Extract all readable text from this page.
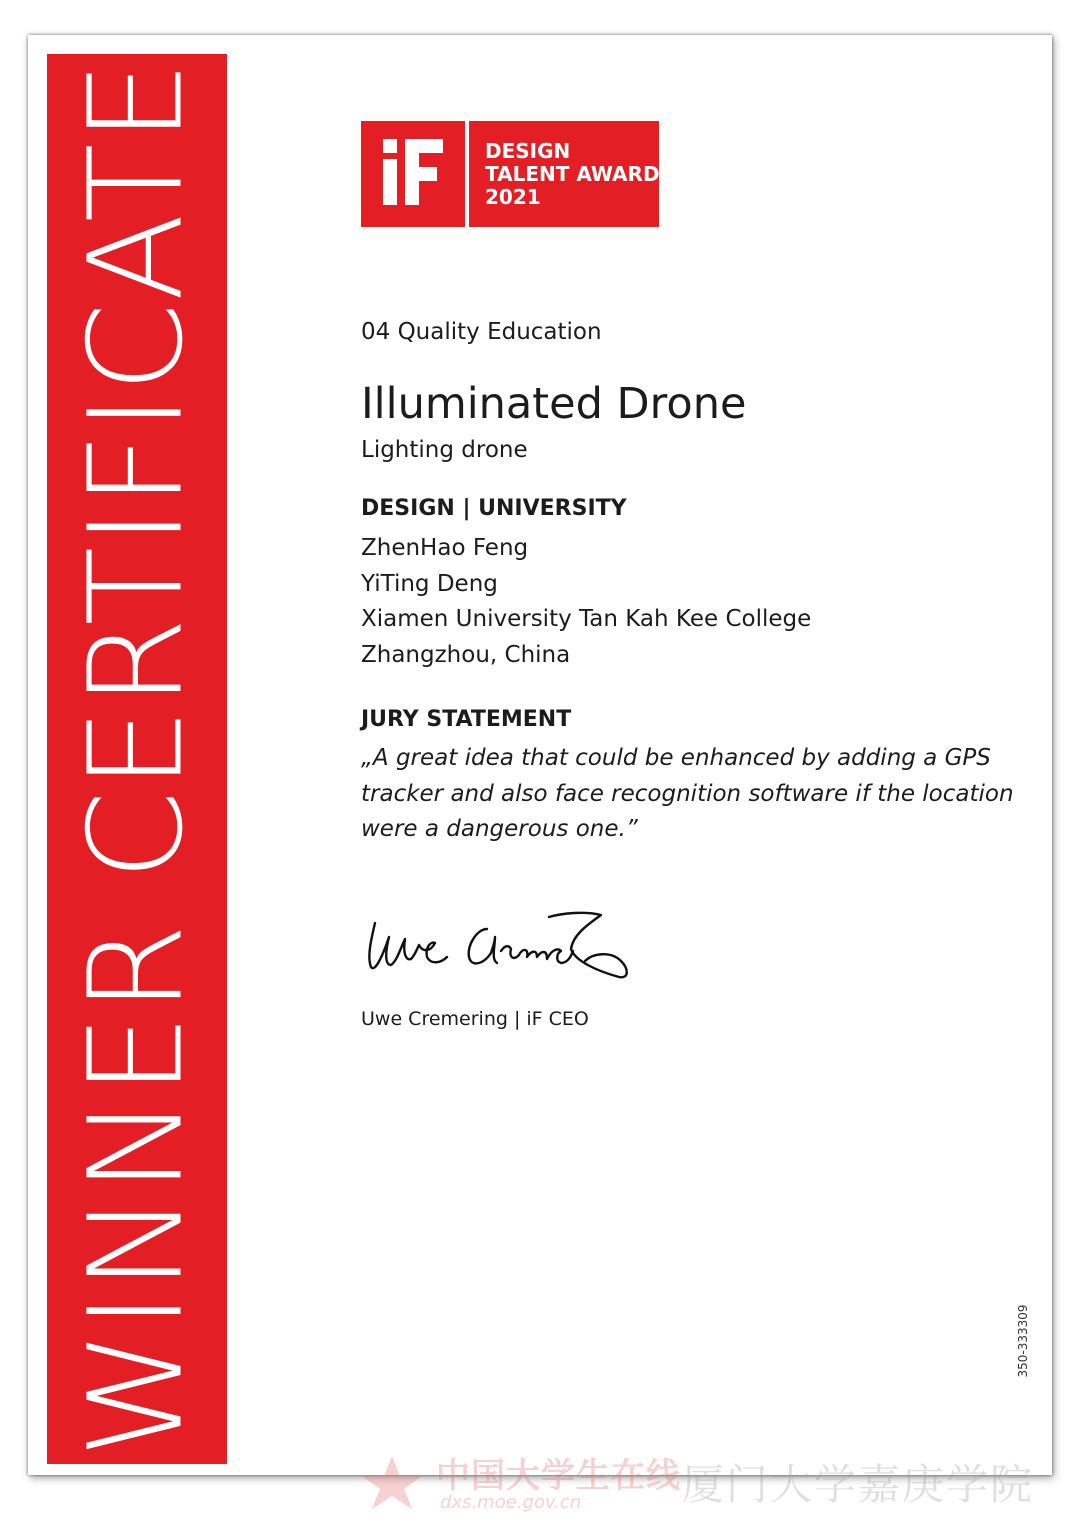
WINNER CERTIFICATE	DESIGN
TALENT AWARD
2021
04 Quality Education
Illuminated Drone
Lighting drone
DESIGN | UNIVERSITY
ZhenHao Feng
YiTing Deng
Xiamen University Tan Kah Kee College
Zhangzhou, China
JURY STATEMENT
„A great idea that could be enhanced by adding a GPS tracker and also face recognition software if the location were a dangerous one.”
Uwe Cremering | iF CEO
350-333309
中国大学生在线
dxs.moe.gov.cn 厦门大学嘉庚学院
